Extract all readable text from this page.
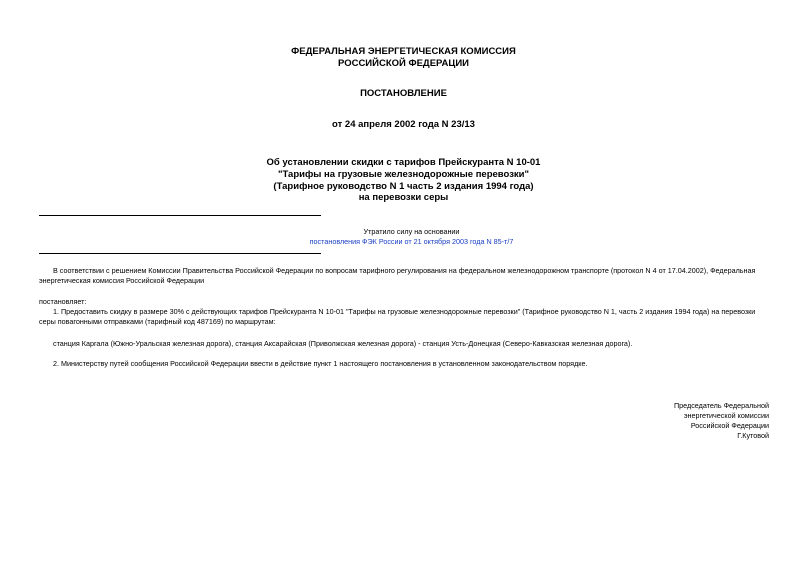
ФЕДЕРАЛЬНАЯ ЭНЕРГЕТИЧЕСКАЯ КОМИССИЯ
РОССИЙСКОЙ ФЕДЕРАЦИИ
ПОСТАНОВЛЕНИЕ
от 24 апреля 2002 года N 23/13
Об установлении скидки с тарифов Прейскуранта N 10-01
"Тарифы на грузовые железнодорожные перевозки"
(Тарифное руководство N 1 часть 2 издания 1994 года)
на перевозки серы
Утратило силу на основании
постановления ФЭК России от 21 октября 2003 года N 85-т/7
В соответствии с решением Комиссии Правительства Российской Федерации по вопросам тарифного регулирования на федеральном железнодорожном транспорте (протокол N 4 от 17.04.2002), Федеральная энергетическая комиссия Российской Федерации
постановляет:
1. Предоставить скидку в размере 30% с действующих тарифов Прейскуранта N 10-01 "Тарифы на грузовые железнодорожные перевозки" (Тарифное руководство N 1, часть 2 издания 1994 года) на перевозки серы повагонными отправками (тарифный код 487169) по маршрутам:
станция Каргала (Южно-Уральская железная дорога), станция Аксарайская (Приволжская железная дорога) - станция Усть-Донецкая (Северо-Кавказская железная дорога).
2. Министерству путей сообщения Российской Федерации ввести в действие пункт 1 настоящего постановления в установленном законодательством порядке.
Председатель Федеральной
энергетической комиссии
Российской Федерации
Г.Кутовой
